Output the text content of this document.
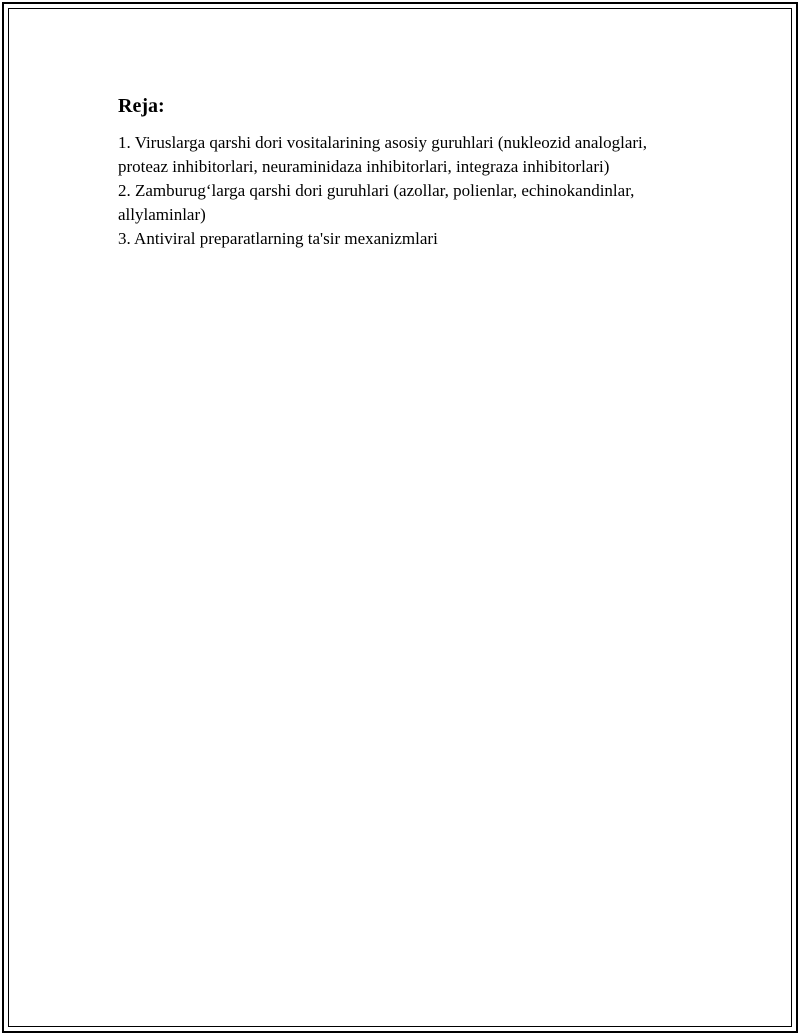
Reja:
1. Viruslarga qarshi dori vositalarining asosiy guruhlari (nukleozid analoglari, proteaz inhibitorlari, neuraminidaza inhibitorlari, integraza inhibitorlari)
2. Zamburug‘larga qarshi dori guruhlari (azollar, polienlar, echinokandinlar, allylaminlar)
3. Antiviral preparatlarning ta'sir mexanizmlari
